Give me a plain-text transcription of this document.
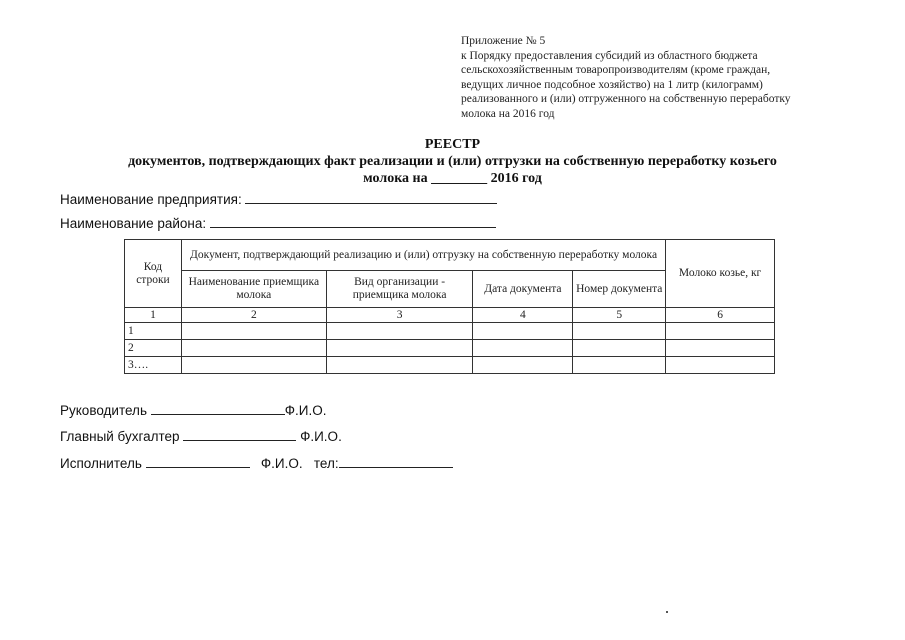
Приложение № 5
к Порядку предоставления субсидий из областного бюджета
сельскохозяйственным товаропроизводителям (кроме граждан,
ведущих личное подсобное хозяйство) на 1 литр (килограмм)
реализованного и (или) отгруженного на собственную переработку
молока на 2016 год
РЕЕСТР
документов, подтверждающих факт реализации и (или) отгрузки на собственную переработку козьего
молока на ________ 2016 год
Наименование предприятия:
Наименование района:
Код строки	Документ, подтверждающий реализацию и (или) отгрузку на собственную переработку молока				Молоко козье, кг
	Наименование приемщика молока	Вид организации - приемщика молока	Дата документа	Номер документа	
1	2	3	4	5	6
1					
2					
3….					
Руководитель	Ф.И.О.
Главный бухгалтер	Ф.И.О.
Исполнитель	Ф.И.О. тел:
